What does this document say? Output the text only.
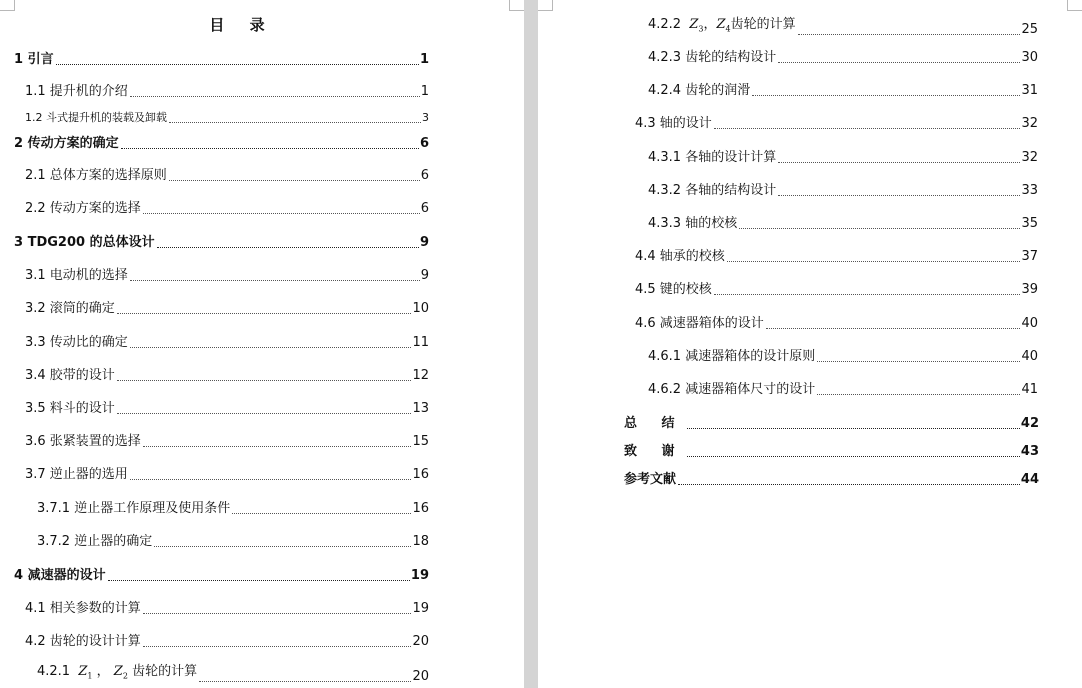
目 录
1 引言	1
1.1 提升机的介绍	1
1.2 斗式提升机的装载及卸载	3
2 传动方案的确定	6
2.1 总体方案的选择原则	6
2.2 传动方案的选择	6
3 TDG200 的总体设计	9
3.1 电动机的选择	9
3.2 滚筒的确定	10
3.3 传动比的确定	11
3.4 胶带的设计	12
3.5 料斗的设计	13
3.6 张紧装置的选择	15
3.7 逆止器的选用	16
3.7.1 逆止器工作原理及使用条件	16
3.7.2 逆止器的确定	18
4 减速器的设计	19
4.1 相关参数的计算	19
4.2 齿轮的设计计算	20
4.2.1 $Z_1$ ， $Z_2$ 齿轮的计算	20
4.2.2 $Z_3$，$Z_4$齿轮的计算	25
4.2.3 齿轮的结构设计	30
4.2.4 齿轮的润滑	31
4.3 轴的设计	32
4.3.1 各轴的设计计算	32
4.3.2 各轴的结构设计	33
4.3.3 轴的校核	35
4.4 轴承的校核	37
4.5 键的校核	39
4.6 减速器箱体的设计	40
4.6.1 减速器箱体的设计原则	40
4.6.2 减速器箱体尺寸的设计	41
总 结	42
致 谢	43
参考文献	44
